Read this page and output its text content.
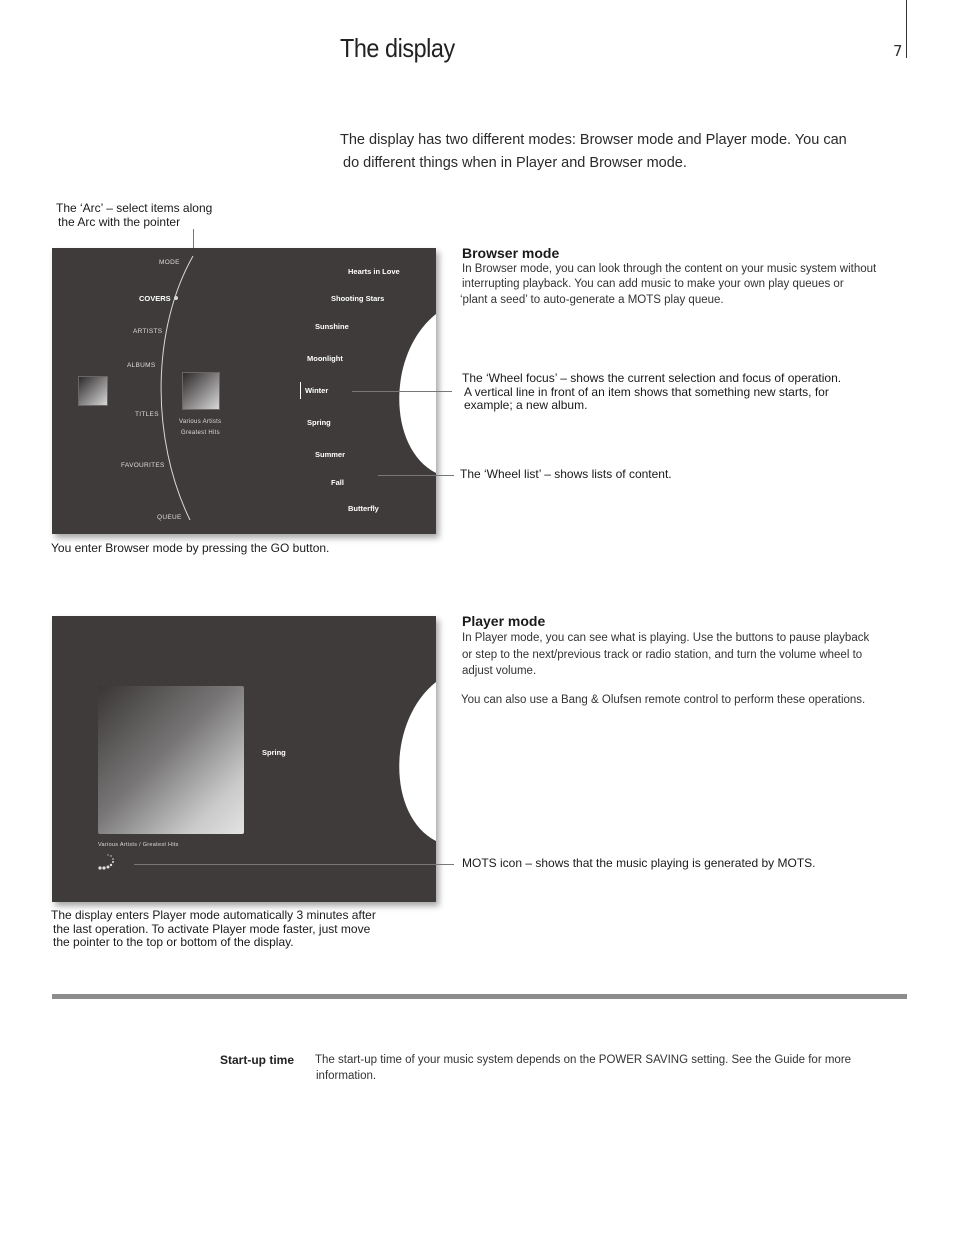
The display	7
The display has two different modes: Browser mode and Player mode. You can
do different things when in Player and Browser mode.
The ‘Arc’ – select items along
the Arc with the pointer
MODE
COVERS
ARTISTS
ALBUMS
TITLES
FAVOURITES
QUEUE
Various Artists
Greatest Hits
Hearts in Love
Shooting Stars
Sunshine
Moonlight
Winter
Spring
Summer
Fall
Butterfly
You enter Browser mode by pressing the GO button.
Browser mode
In Browser mode, you can look through the content on your music system without
interrupting playback. You can add music to make your own play queues or
‘plant a seed’ to auto-generate a MOTS play queue.
The ‘Wheel focus’ – shows the current selection and focus of operation.
A vertical line in front of an item shows that something new starts, for
example; a new album.
The ‘Wheel list’ – shows lists of content.
Spring
Various Artists / Greatest Hits
The display enters Player mode automatically 3 minutes after
the last operation. To activate Player mode faster, just move
the pointer to the top or bottom of the display.
Player mode
In Player mode, you can see what is playing. Use the buttons to pause playback
or step to the next/previous track or radio station, and turn the volume wheel to
adjust volume.
You can also use a Bang & Olufsen remote control to perform these operations.
MOTS icon – shows that the music playing is generated by MOTS.
Start-up time The start-up time of your music system depends on the POWER SAVING setting. See the Guide for more
information.
